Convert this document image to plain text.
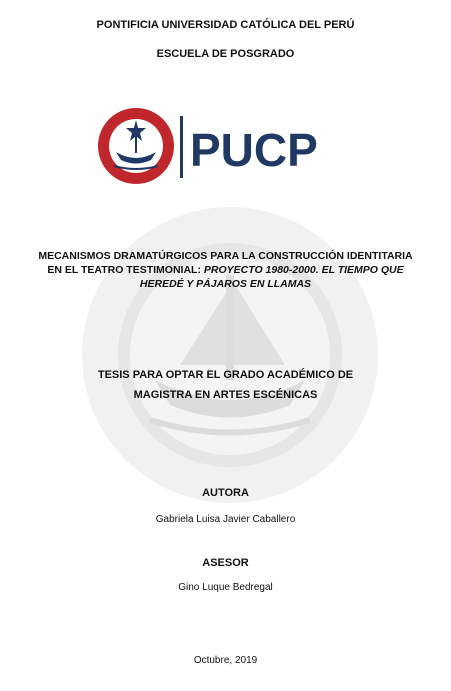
PONTIFICIA UNIVERSIDAD CATÓLICA DEL PERÚ
ESCUELA DE POSGRADO
PUCP
MECANISMOS DRAMATÚRGICOS PARA LA CONSTRUCCIÓN IDENTITARIA
EN EL TEATRO TESTIMONIAL: PROYECTO 1980-2000. EL TIEMPO QUE
HEREDÉ Y PÁJAROS EN LLAMAS
TESIS PARA OPTAR EL GRADO ACADÉMICO DE
MAGISTRA EN ARTES ESCÉNICAS
AUTORA
Gabriela Luisa Javier Caballero
ASESOR
Gino Luque Bedregal
Octubre, 2019
